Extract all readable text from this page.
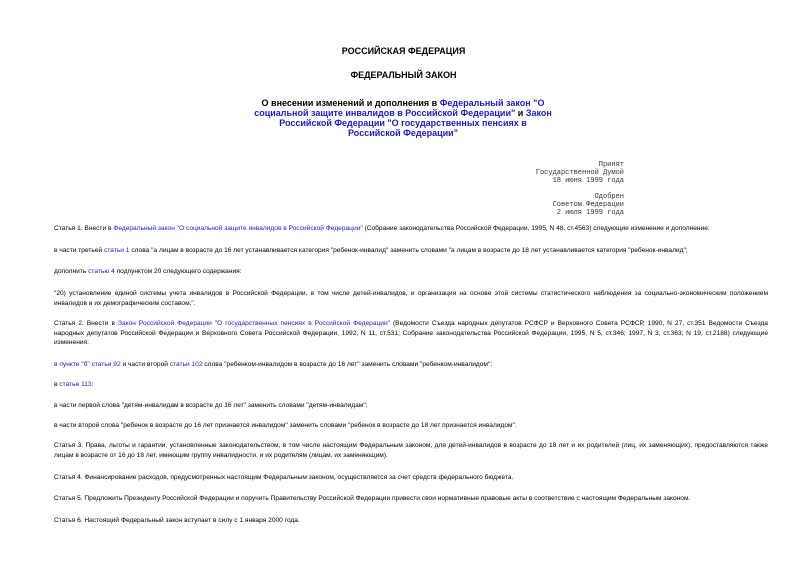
РОССИЙСКАЯ ФЕДЕРАЦИЯ
ФЕДЕРАЛЬНЫЙ ЗАКОН
О внесении изменений и дополнения в Федеральный закон "О социальной защите инвалидов в Российской Федерации" и Закон Российской Федерации "О государственных пенсиях в Российской Федерации"
Принят
Государственной Думой
18 июня 1999 года
Одобрен
Советом Федерации
2 июля 1999 года
Статья 1. Внести в Федеральный закон "О социальной защите инвалидов в Российской Федерации" (Собрание законодательства Российской Федерации, 1995, N 48, ст.4563) следующие изменение и дополнение:
в части третьей статьи 1 слова "а лицам в возрасте до 16 лет устанавливается категория "ребенок-инвалид" заменить словами "а лицам в возрасте до 18 лет устанавливается категория "ребенок-инвалид";
дополнить статью 4 подпунктом 20 следующего содержания:
"20) установление единой системы учета инвалидов в Российской Федерации, в том числе детей-инвалидов, и организация на основе этой системы статистического наблюдения за социально-экономическим положением инвалидов и их демографическим составом.".
Статья 2. Внести в Закон Российской Федерации "О государственных пенсиях в Российской Федерации" (Ведомости Съезда народных депутатов РСФСР и Верховного Совета РСФСР, 1990, N 27, ст.351 Ведомости Съезда народных депутатов Российской Федерации и Верховного Совета Российской Федерации, 1992, N 11, ст.531; Собрание законодательства Российской Федерации, 1995, N 5, ст.346; 1997, N 3, ст.363; N 19, ст.2188) следующие изменения:
в пункте "б" статьи 92 и части второй статьи 102 слова "ребенком-инвалидом в возрасте до 16 лет" заменить словами "ребенком-инвалидом";
в статье 113:
в части первой слова "детям-инвалидам в возрасте до 16 лет" заменить словами "детям-инвалидам";
в части второй слова "ребенок в возрасте до 16 лет признается инвалидом" заменить словами "ребенок в возрасте до 18 лет признается инвалидом".
Статья 3. Права, льготы и гарантии, установленные законодательством, в том числе настоящим Федеральным законом, для детей-инвалидов в возрасте до 18 лет и их родителей (лиц, их заменяющих), предоставляются также лицам в возрасте от 16 до 18 лет, имеющим группу инвалидности, и их родителям (лицам, их заменяющим).
Статья 4. Финансирование расходов, предусмотренных настоящим Федеральным законом, осуществляется за счет средств федерального бюджета.
Статья 5. Предложить Президенту Российской Федерации и поручить Правительству Российской Федерации привести свои нормативные правовые акты в соответствие с настоящим Федеральным законом.
Статья 6. Настоящий Федеральный закон вступает в силу с 1 января 2000 года.
